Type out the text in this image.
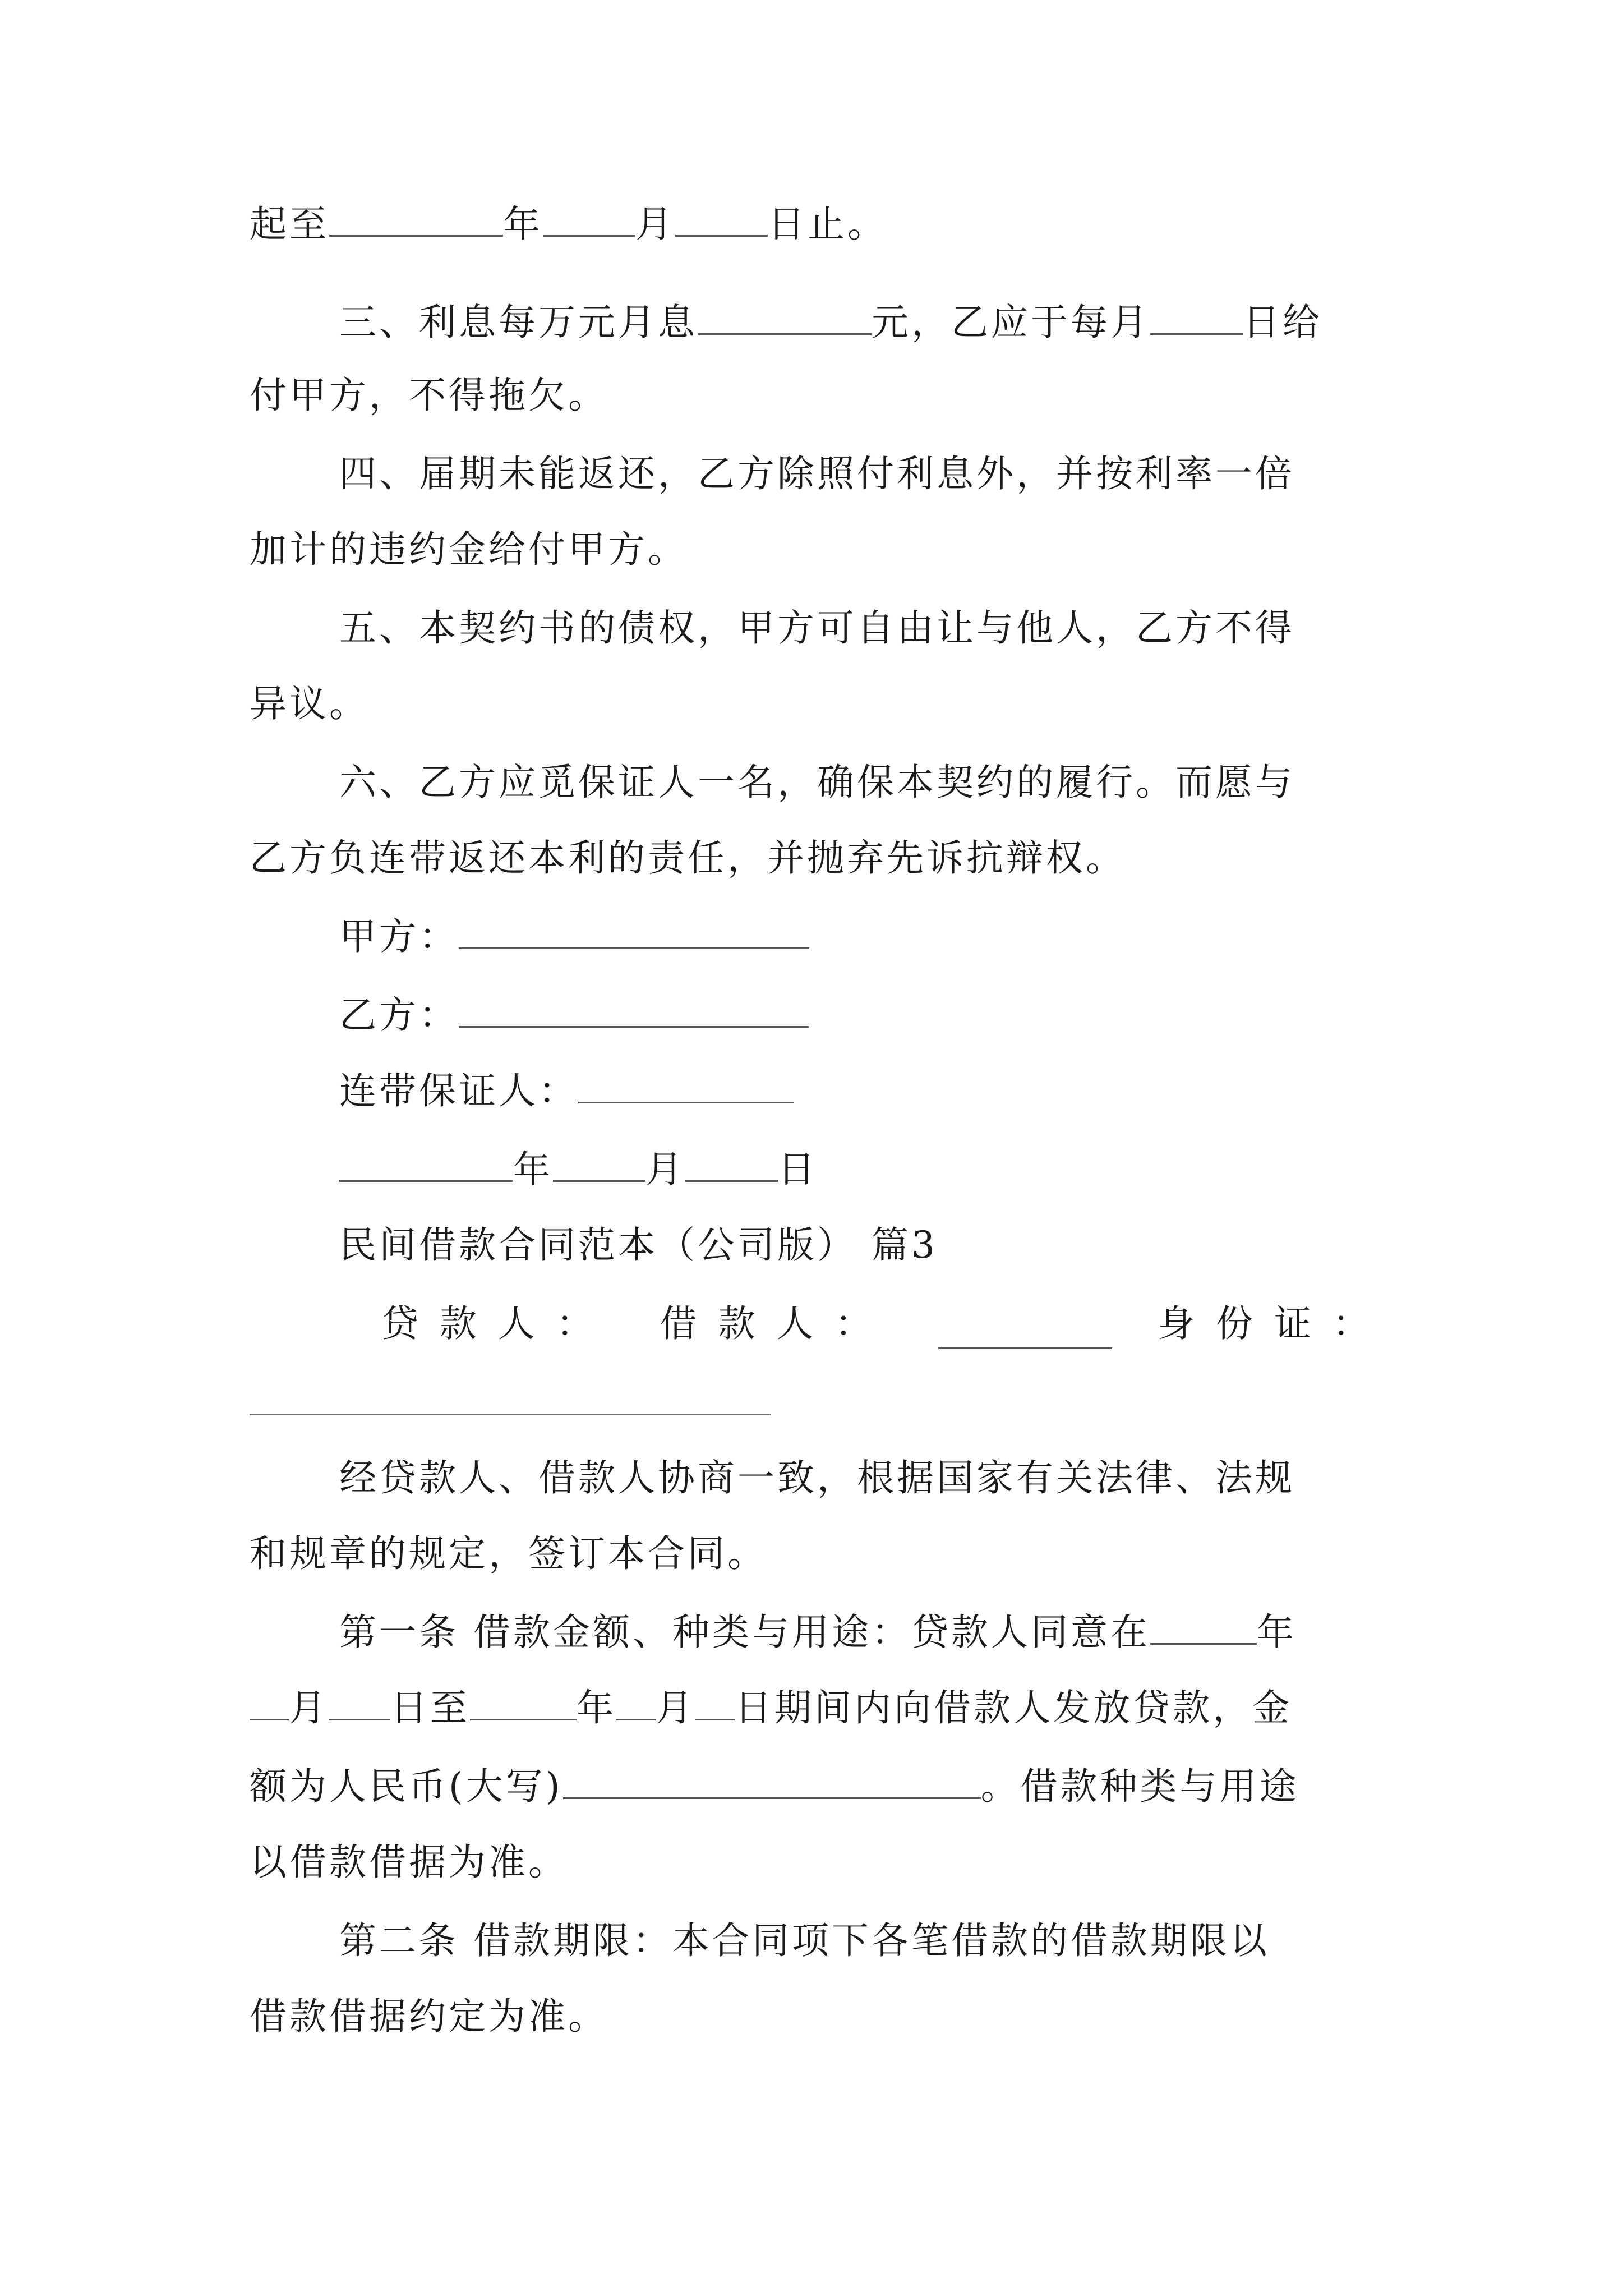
起至	年	月	日止。
三、利息每万元月息	元，乙应于每月	日给
付甲方，不得拖欠。
四、届期未能返还，乙方除照付利息外，并按利率一倍
加计的违约金给付甲方。
五、本契约书的债权，甲方可自由让与他人，乙方不得
异议。
六、乙方应觅保证人一名，确保本契约的履行。而愿与
乙方负连带返还本利的责任，并抛弃先诉抗辩权。
甲方：
乙方：
连带保证人：
年	月	日
民间借款合同范本（公司版） 篇3
贷款人： 借款人：	身份证：
经贷款人、借款人协商一致，根据国家有关法律、法规
和规章的规定，签订本合同。
第一条 借款金额、种类与用途：贷款人同意在	年
月 日至	年 月 日期间内向借款人发放贷款，金
额为人民币(大写)	。借款种类与用途
以借款借据为准。
第二条 借款期限：本合同项下各笔借款的借款期限以
借款借据约定为准。
